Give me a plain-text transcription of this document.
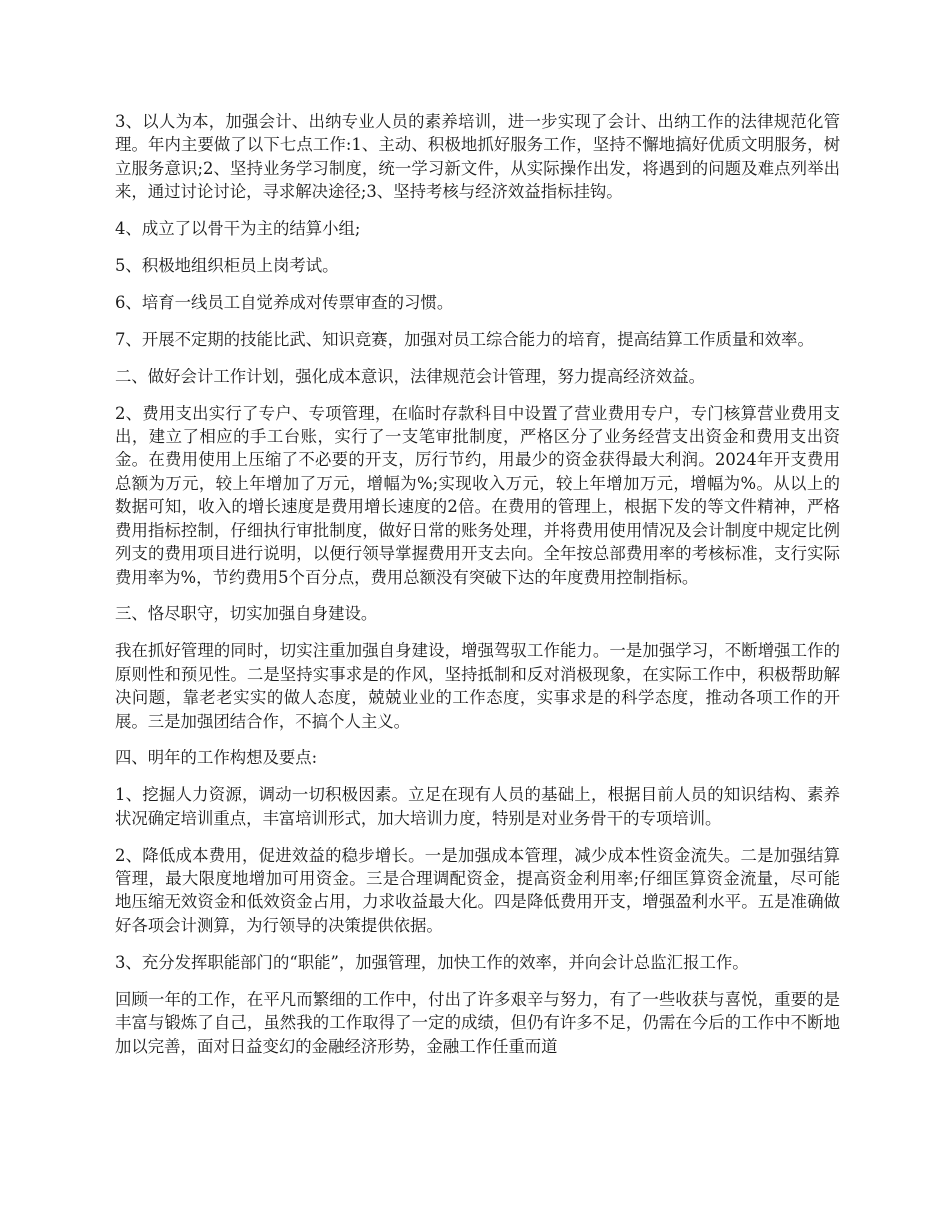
3、以人为本，加强会计、出纳专业人员的素养培训，进一步实现了会计、出纳工作的法律规范化管理。年内主要做了以下七点工作:1、主动、积极地抓好服务工作，坚持不懈地搞好优质文明服务，树立服务意识;2、坚持业务学习制度，统一学习新文件，从实际操作出发，将遇到的问题及难点列举出来，通过讨论讨论，寻求解决途径;3、坚持考核与经济效益指标挂钩。

4、成立了以骨干为主的结算小组;

5、积极地组织柜员上岗考试。

6、培育一线员工自觉养成对传票审查的习惯。

7、开展不定期的技能比武、知识竞赛，加强对员工综合能力的培育，提高结算工作质量和效率。

二、做好会计工作计划，强化成本意识，法律规范会计管理，努力提高经济效益。

2、费用支出实行了专户、专项管理，在临时存款科目中设置了营业费用专户，专门核算营业费用支出，建立了相应的手工台账，实行了一支笔审批制度，严格区分了业务经营支出资金和费用支出资金。在费用使用上压缩了不必要的开支，厉行节约，用最少的资金获得最大利润。2024年开支费用总额为万元，较上年增加了万元，增幅为%;实现收入万元，较上年增加万元，增幅为%。从以上的数据可知，收入的增长速度是费用增长速度的2倍。在费用的管理上，根据下发的等文件精神，严格费用指标控制，仔细执行审批制度，做好日常的账务处理，并将费用使用情况及会计制度中规定比例列支的费用项目进行说明，以便行领导掌握费用开支去向。全年按总部费用率的考核标准，支行实际费用率为%，节约费用5个百分点，费用总额没有突破下达的年度费用控制指标。

三、恪尽职守，切实加强自身建设。

我在抓好管理的同时，切实注重加强自身建设，增强驾驭工作能力。一是加强学习，不断增强工作的原则性和预见性。二是坚持实事求是的作风，坚持抵制和反对消极现象，在实际工作中，积极帮助解决问题，靠老老实实的做人态度，兢兢业业的工作态度，实事求是的科学态度，推动各项工作的开展。三是加强团结合作，不搞个人主义。

四、明年的工作构想及要点:

1、挖掘人力资源，调动一切积极因素。立足在现有人员的基础上，根据目前人员的知识结构、素养状况确定培训重点，丰富培训形式，加大培训力度，特别是对业务骨干的专项培训。

2、降低成本费用，促进效益的稳步增长。一是加强成本管理，减少成本性资金流失。二是加强结算管理，最大限度地增加可用资金。三是合理调配资金，提高资金利用率;仔细匡算资金流量，尽可能地压缩无效资金和低效资金占用，力求收益最大化。四是降低费用开支，增强盈利水平。五是准确做好各项会计测算，为行领导的决策提供依据。

3、充分发挥职能部门的“职能”，加强管理，加快工作的效率，并向会计总监汇报工作。

回顾一年的工作，在平凡而繁细的工作中，付出了许多艰辛与努力，有了一些收获与喜悦，重要的是丰富与锻炼了自己，虽然我的工作取得了一定的成绩，但仍有许多不足，仍需在今后的工作中不断地加以完善，面对日益变幻的金融经济形势，金融工作任重而道
